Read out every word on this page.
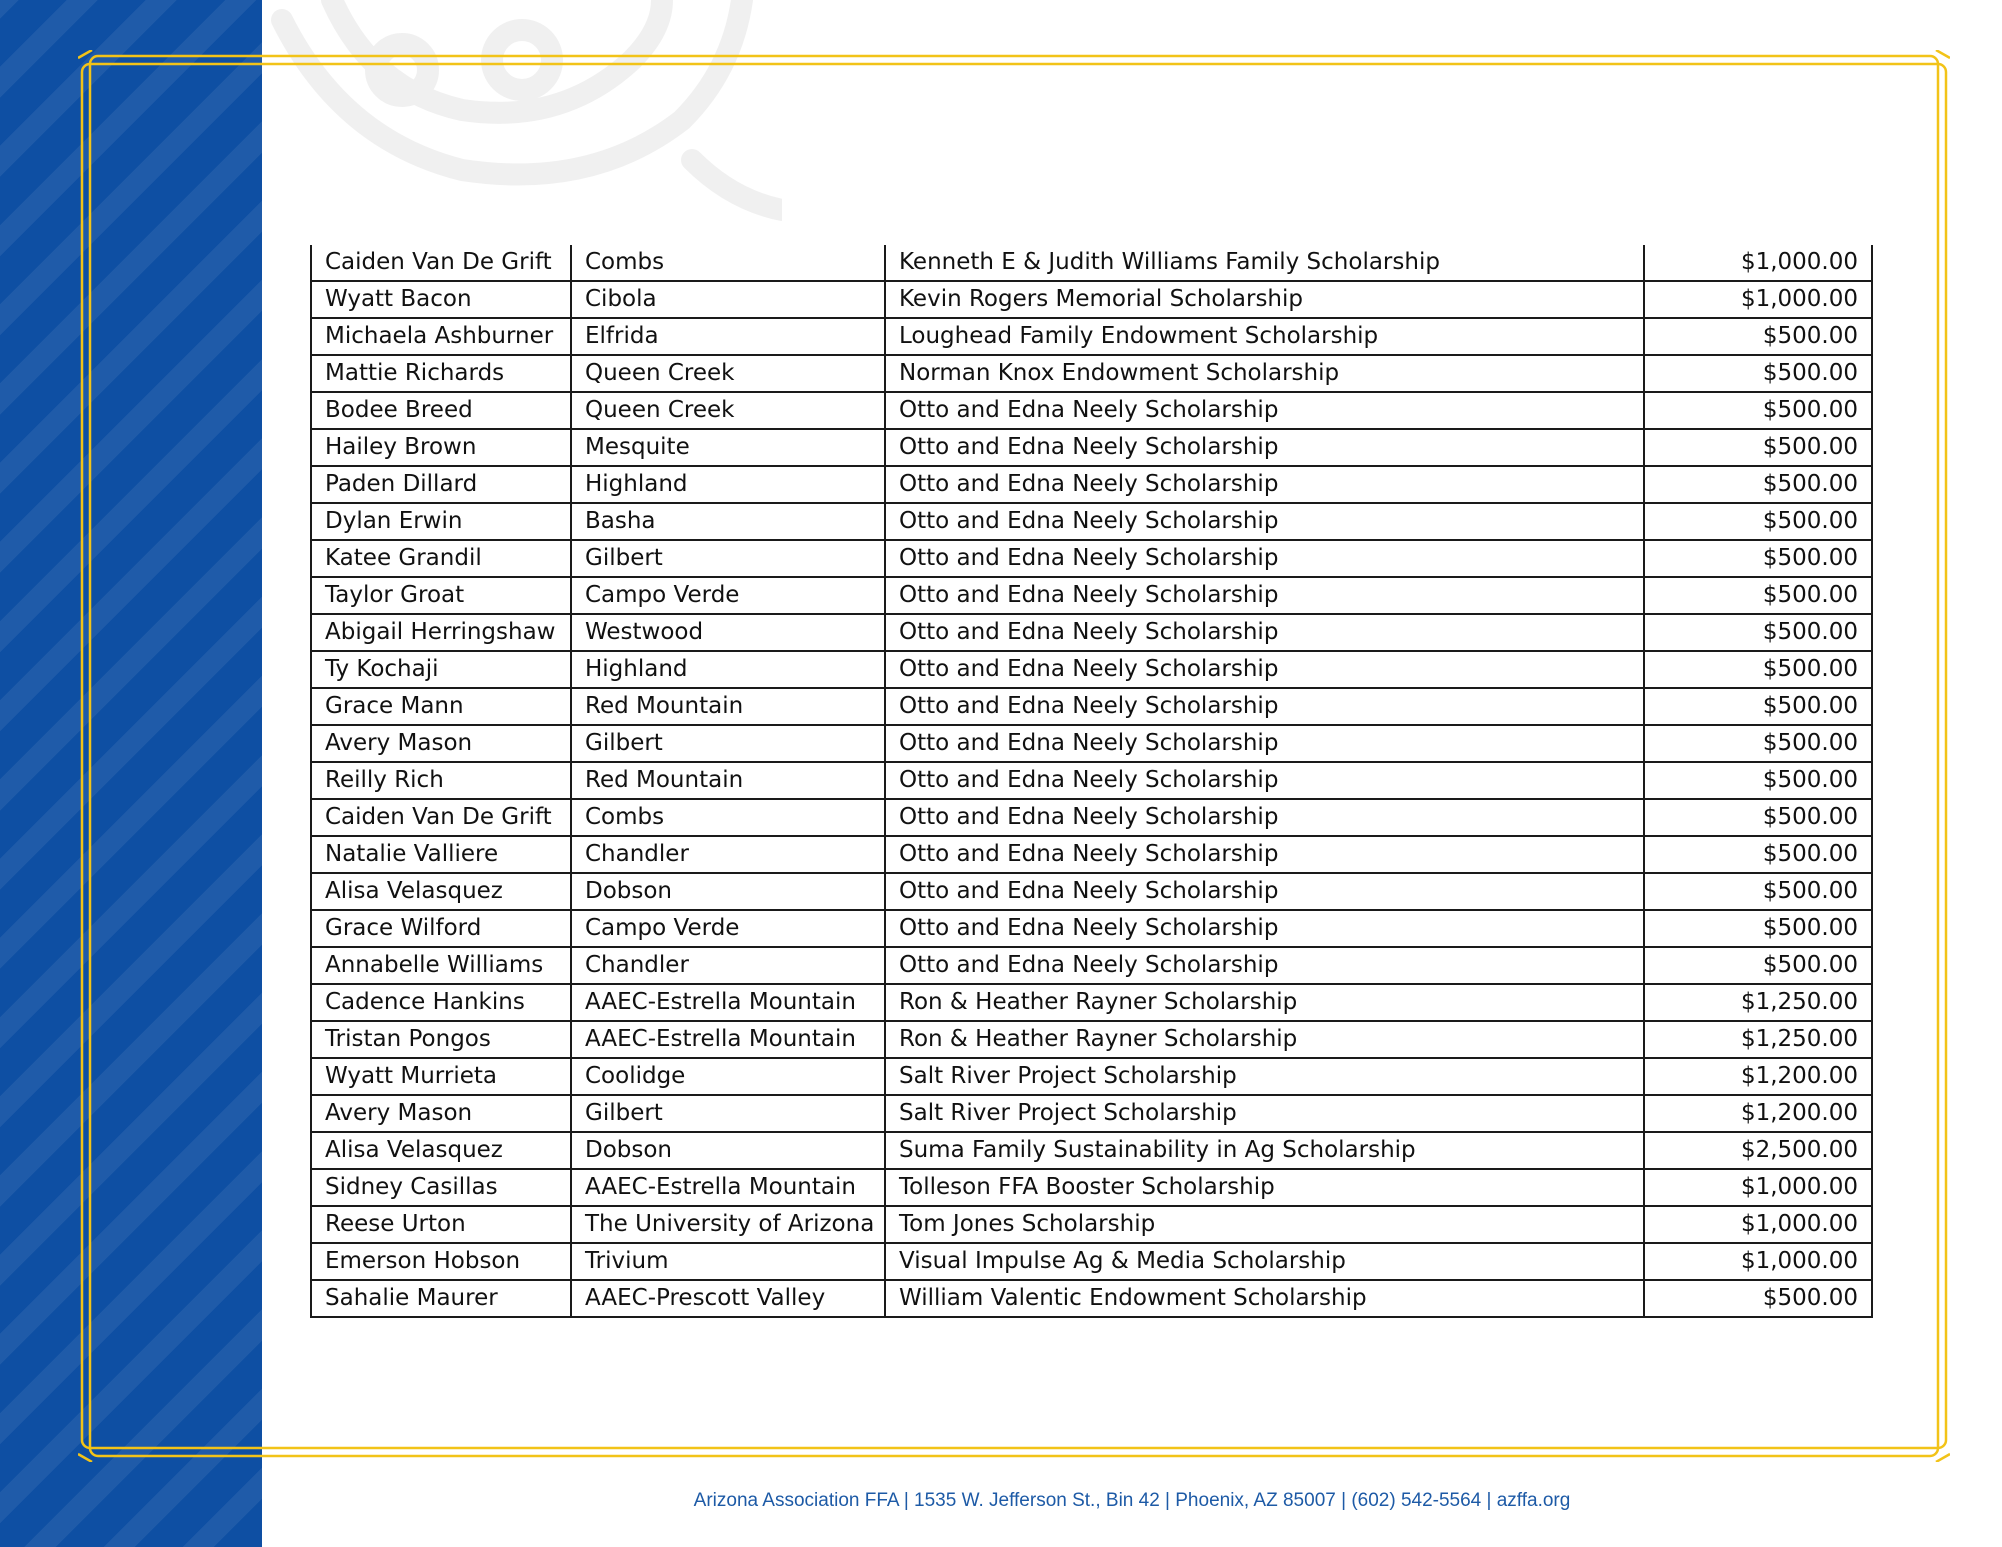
Caiden Van De Grift	Combs	Kenneth E & Judith Williams Family Scholarship	$1,000.00
Wyatt Bacon	Cibola	Kevin Rogers Memorial Scholarship	$1,000.00
Michaela Ashburner	Elfrida	Loughead Family Endowment Scholarship	$500.00
Mattie Richards	Queen Creek	Norman Knox Endowment Scholarship	$500.00
Bodee Breed	Queen Creek	Otto and Edna Neely Scholarship	$500.00
Hailey Brown	Mesquite	Otto and Edna Neely Scholarship	$500.00
Paden Dillard	Highland	Otto and Edna Neely Scholarship	$500.00
Dylan Erwin	Basha	Otto and Edna Neely Scholarship	$500.00
Katee Grandil	Gilbert	Otto and Edna Neely Scholarship	$500.00
Taylor Groat	Campo Verde	Otto and Edna Neely Scholarship	$500.00
Abigail Herringshaw	Westwood	Otto and Edna Neely Scholarship	$500.00
Ty Kochaji	Highland	Otto and Edna Neely Scholarship	$500.00
Grace Mann	Red Mountain	Otto and Edna Neely Scholarship	$500.00
Avery Mason	Gilbert	Otto and Edna Neely Scholarship	$500.00
Reilly Rich	Red Mountain	Otto and Edna Neely Scholarship	$500.00
Caiden Van De Grift	Combs	Otto and Edna Neely Scholarship	$500.00
Natalie Valliere	Chandler	Otto and Edna Neely Scholarship	$500.00
Alisa Velasquez	Dobson	Otto and Edna Neely Scholarship	$500.00
Grace Wilford	Campo Verde	Otto and Edna Neely Scholarship	$500.00
Annabelle Williams	Chandler	Otto and Edna Neely Scholarship	$500.00
Cadence Hankins	AAEC-Estrella Mountain	Ron & Heather Rayner Scholarship	$1,250.00
Tristan Pongos	AAEC-Estrella Mountain	Ron & Heather Rayner Scholarship	$1,250.00
Wyatt Murrieta	Coolidge	Salt River Project Scholarship	$1,200.00
Avery Mason	Gilbert	Salt River Project Scholarship	$1,200.00
Alisa Velasquez	Dobson	Suma Family Sustainability in Ag Scholarship	$2,500.00
Sidney Casillas	AAEC-Estrella Mountain	Tolleson FFA Booster Scholarship	$1,000.00
Reese Urton	The University of Arizona	Tom Jones Scholarship	$1,000.00
Emerson Hobson	Trivium	Visual Impulse Ag & Media Scholarship	$1,000.00
Sahalie Maurer	AAEC-Prescott Valley	William Valentic Endowment Scholarship	$500.00
Arizona Association FFA | 1535 W. Jefferson St., Bin 42 | Phoenix, AZ 85007 | (602) 542-5564 | azffa.org
